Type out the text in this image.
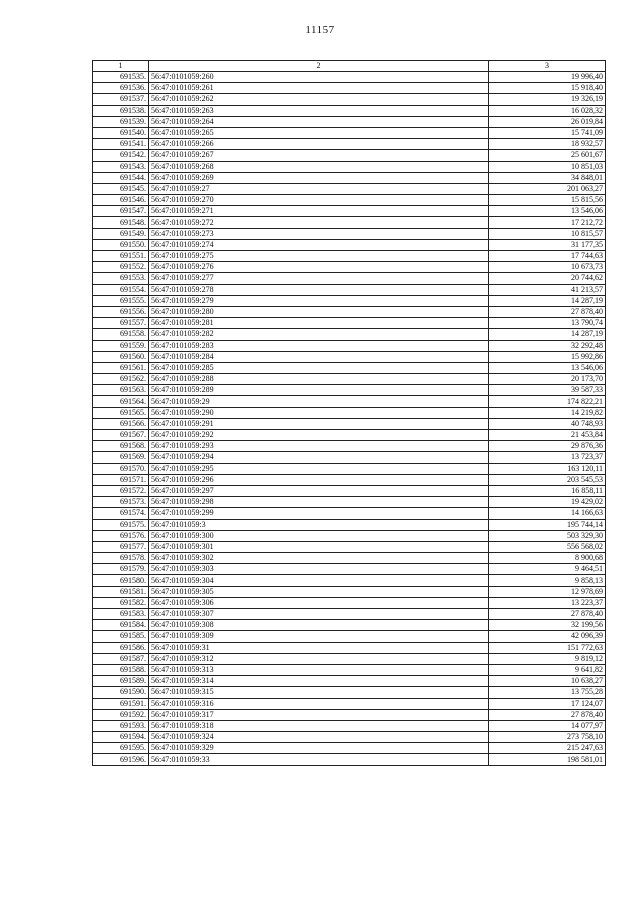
11157
1	2	3
691535.	56:47:0101059:260	19 996,40
691536.	56:47:0101059:261	15 918,40
691537.	56:47:0101059:262	19 326,19
691538.	56:47:0101059:263	16 028,32
691539.	56:47:0101059:264	26 019,84
691540.	56:47:0101059:265	15 741,09
691541.	56:47:0101059:266	18 932,57
691542.	56:47:0101059:267	25 601,67
691543.	56:47:0101059:268	10 851,03
691544.	56:47:0101059:269	34 848,01
691545.	56:47:0101059:27	201 063,27
691546.	56:47:0101059:270	15 815,56
691547.	56:47:0101059:271	13 546,06
691548.	56:47:0101059:272	17 212,72
691549.	56:47:0101059:273	10 815,57
691550.	56:47:0101059:274	31 177,35
691551.	56:47:0101059:275	17 744,63
691552.	56:47:0101059:276	10 673,73
691553.	56:47:0101059:277	20 744,62
691554.	56:47:0101059:278	41 213,57
691555.	56:47:0101059:279	14 287,19
691556.	56:47:0101059:280	27 878,40
691557.	56:47:0101059:281	13 790,74
691558.	56:47:0101059:282	14 287,19
691559.	56:47:0101059:283	32 292,48
691560.	56:47:0101059:284	15 992,86
691561.	56:47:0101059:285	13 546,06
691562.	56:47:0101059:288	20 173,70
691563.	56:47:0101059:289	39 587,33
691564.	56:47:0101059:29	174 822,21
691565.	56:47:0101059:290	14 219,82
691566.	56:47:0101059:291	40 748,93
691567.	56:47:0101059:292	21 453,84
691568.	56:47:0101059:293	29 876,36
691569.	56:47:0101059:294	13 723,37
691570.	56:47:0101059:295	163 120,11
691571.	56:47:0101059:296	203 545,53
691572.	56:47:0101059:297	16 858,11
691573.	56:47:0101059:298	19 429,02
691574.	56:47:0101059:299	14 166,63
691575.	56:47:0101059:3	195 744,14
691576.	56:47:0101059:300	503 329,30
691577.	56:47:0101059:301	556 568,02
691578.	56:47:0101059:302	8 900,68
691579.	56:47:0101059:303	9 464,51
691580.	56:47:0101059:304	9 858,13
691581.	56:47:0101059:305	12 978,69
691582.	56:47:0101059:306	13 223,37
691583.	56:47:0101059:307	27 878,40
691584.	56:47:0101059:308	32 199,56
691585.	56:47:0101059:309	42 096,39
691586.	56:47:0101059:31	151 772,63
691587.	56:47:0101059:312	9 819,12
691588.	56:47:0101059:313	9 641,82
691589.	56:47:0101059:314	10 638,27
691590.	56:47:0101059:315	13 755,28
691591.	56:47:0101059:316	17 124,07
691592.	56:47:0101059:317	27 878,40
691593.	56:47:0101059:318	14 077,97
691594.	56:47:0101059:324	273 758,10
691595.	56:47:0101059:329	215 247,63
691596.	56:47:0101059:33	198 581,01
